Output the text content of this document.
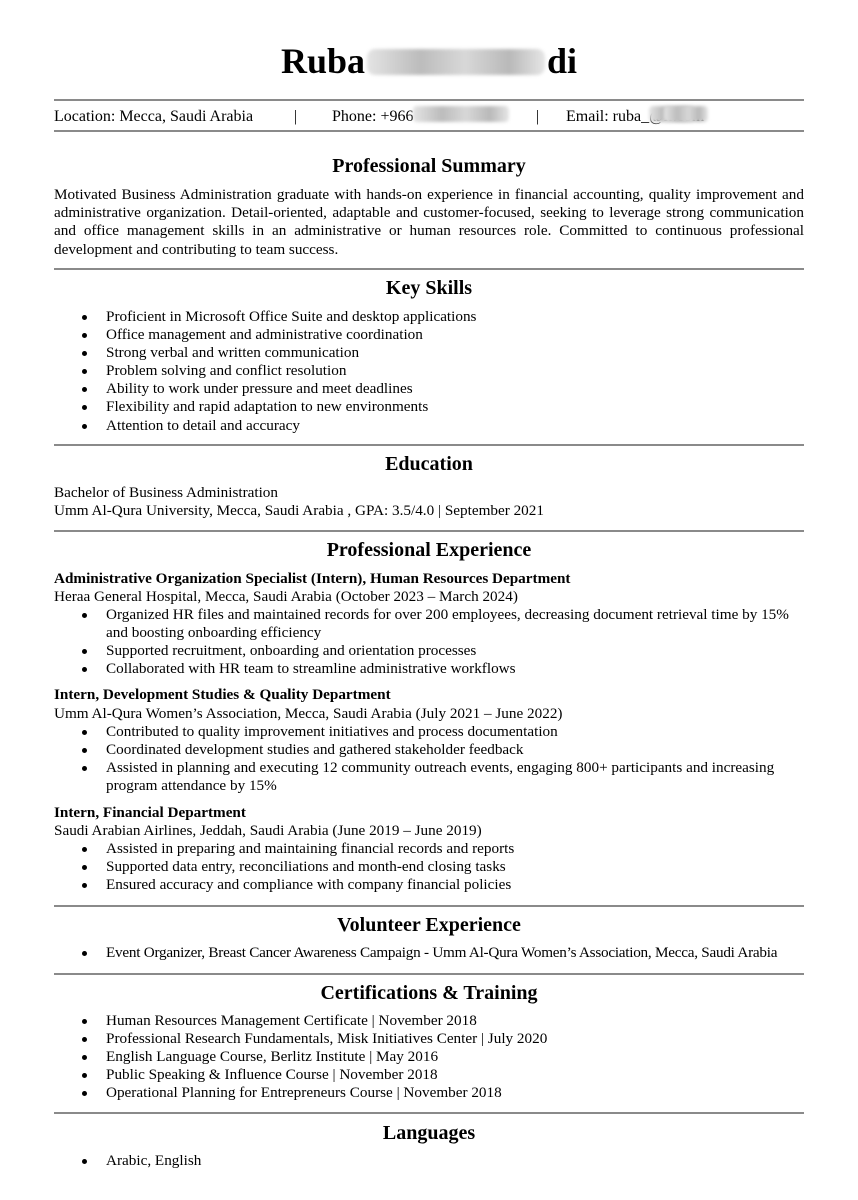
Ruba	di
Location: Mecca, Saudi Arabia	| Phone: +966	| Email: ruba_
Professional Summary
Motivated Business Administration graduate with hands-on experience in financial accounting, quality improvement and administrative organization. Detail-oriented, adaptable and customer-focused, seeking to leverage strong communication and office management skills in an administrative or human resources role. Committed to continuous professional development and contributing to team success.
Key Skills
Proficient in Microsoft Office Suite and desktop applications
Office management and administrative coordination
Strong verbal and written communication
Problem solving and conflict resolution
Ability to work under pressure and meet deadlines
Flexibility and rapid adaptation to new environments
Attention to detail and accuracy
Education
Bachelor of Business Administration
Umm Al-Qura University, Mecca, Saudi Arabia , GPA: 3.5/4.0 | September 2021
Professional Experience
Administrative Organization Specialist (Intern), Human Resources Department
Heraa General Hospital, Mecca, Saudi Arabia (October 2023 – March 2024)
Organized HR files and maintained records for over 200 employees, decreasing document retrieval time by 15% and boosting onboarding efficiency
Supported recruitment, onboarding and orientation processes
Collaborated with HR team to streamline administrative workflows
Intern, Development Studies & Quality Department
Umm Al-Qura Women’s Association, Mecca, Saudi Arabia (July 2021 – June 2022)
Contributed to quality improvement initiatives and process documentation
Coordinated development studies and gathered stakeholder feedback
Assisted in planning and executing 12 community outreach events, engaging 800+ participants and increasing program attendance by 15%
Intern, Financial Department
Saudi Arabian Airlines, Jeddah, Saudi Arabia (June 2019 – June 2019)
Assisted in preparing and maintaining financial records and reports
Supported data entry, reconciliations and month-end closing tasks
Ensured accuracy and compliance with company financial policies
Volunteer Experience
Event Organizer, Breast Cancer Awareness Campaign - Umm Al-Qura Women’s Association, Mecca, Saudi Arabia
Certifications & Training
Human Resources Management Certificate | November 2018
Professional Research Fundamentals, Misk Initiatives Center | July 2020
English Language Course, Berlitz Institute | May 2016
Public Speaking & Influence Course | November 2018
Operational Planning for Entrepreneurs Course | November 2018
Languages
Arabic, English
